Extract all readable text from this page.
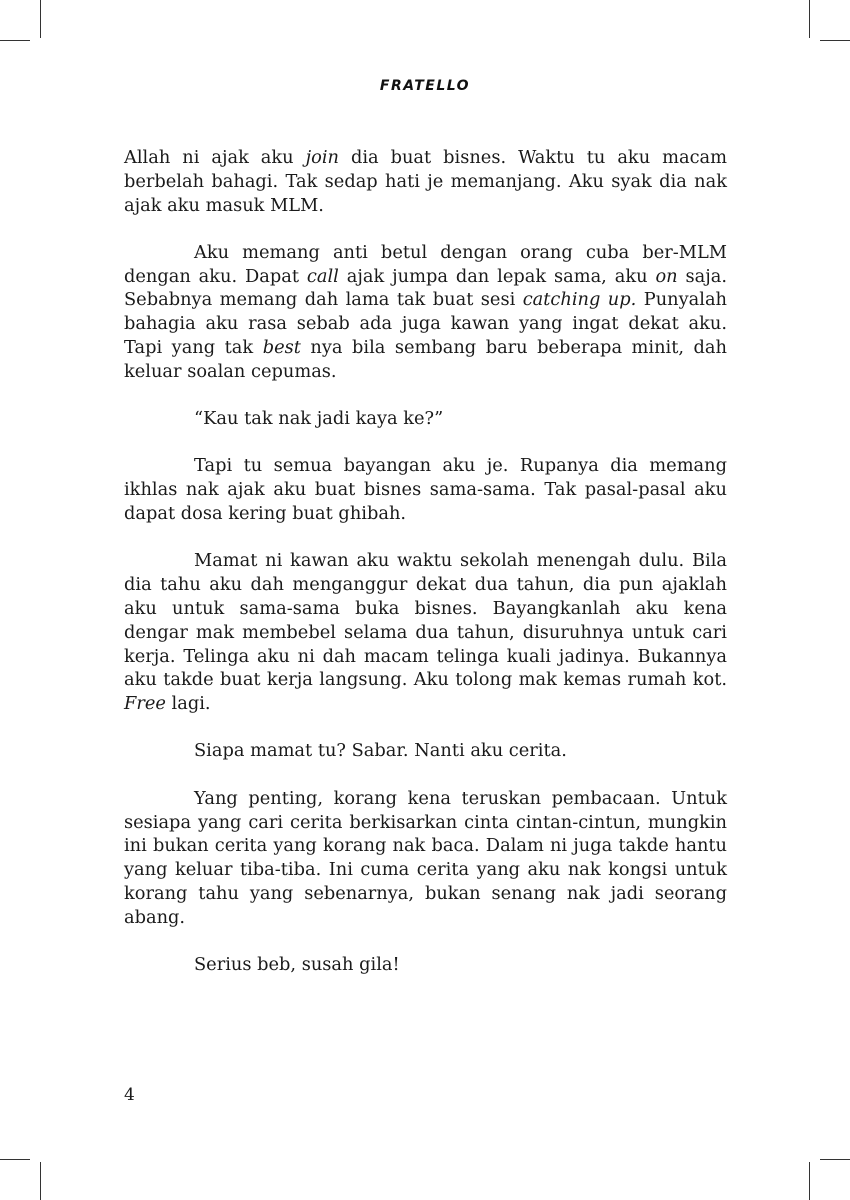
FRATELLO

Allah ni ajak aku join dia buat bisnes. Waktu tu aku macam berbelah bahagi. Tak sedap hati je memanjang. Aku syak dia nak ajak aku masuk MLM.

Aku memang anti betul dengan orang cuba ber-MLM dengan aku. Dapat call ajak jumpa dan lepak sama, aku on saja. Sebabnya memang dah lama tak buat sesi catching up. Punyalah bahagia aku rasa sebab ada juga kawan yang ingat dekat aku. Tapi yang tak best nya bila sembang baru beberapa minit, dah keluar soalan cepumas.

“Kau tak nak jadi kaya ke?”

Tapi tu semua bayangan aku je. Rupanya dia memang ikhlas nak ajak aku buat bisnes sama-sama. Tak pasal-pasal aku dapat dosa kering buat ghibah.

Mamat ni kawan aku waktu sekolah menengah dulu. Bila dia tahu aku dah menganggur dekat dua tahun, dia pun ajaklah aku untuk sama-sama buka bisnes. Bayangkanlah aku kena dengar mak membebel selama dua tahun, disuruhnya untuk cari kerja. Telinga aku ni dah macam telinga kuali jadinya. Bukannya aku takde buat kerja langsung. Aku tolong mak kemas rumah kot. Free lagi.

Siapa mamat tu? Sabar. Nanti aku cerita.

Yang penting, korang kena teruskan pembacaan. Untuk sesiapa yang cari cerita berkisarkan cinta cintan-cintun, mungkin ini bukan cerita yang korang nak baca. Dalam ni juga takde hantu yang keluar tiba-tiba. Ini cuma cerita yang aku nak kongsi untuk korang tahu yang sebenarnya, bukan senang nak jadi seorang abang.

Serius beb, susah gila!

4
